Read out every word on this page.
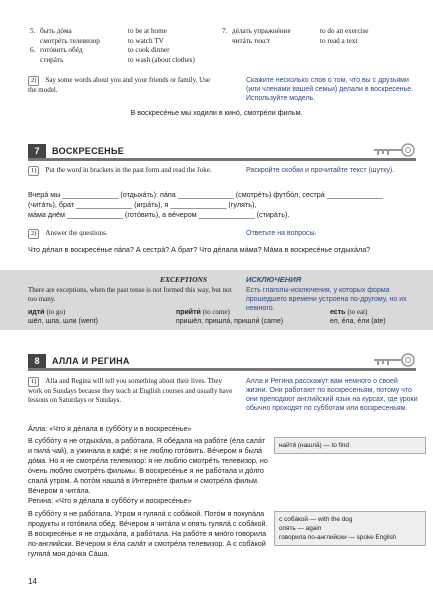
5. быть дóма	to be at home
смотрéть телевизор	to watch TV
6. готóвить обéд	to cook dinner
стирáть	to wash (about clothes)
7. дéлать упражнéние	to do an exercise
читáть текст	to read a text
2) Say some words about you and your friends or family. Use the model.
Скажите несколько слов о том, что вы с друзьями (или членами вашей семьи) делали в воскресенье. Используйте модель.
В воскресéнье мы ходили в кинó, смотрéли фильм.
7	ВОСКРЕСЕНЬЕ
1) Put the word in brackets in the past form and read the Joke.	Раскройте скобки и прочитайте текст (шутку).
Вчерá мы ______________ (отдыхáть): пáпа ______________ (смотрéть) футбóл, сестрá ______________
(читáть), брат ______________ (игрáть), я ______________ (гулять),
мáма днём ______________ (готóвить), а вéчером ______________ (стирáть).
2) Answer the questions.	Ответьте на вопросы.
Что дéлал в воскресéнье пáпа? А сестрá? А брат? Что дéлала мáма? Мáма в воскресéнье отдыхáла?
EXCEPTIONS	ИСКЛЮЧЕНИЯ
There are exceptions, when the past tense is not formed this way, but not too many.
Есть глаголы-исключения, у которых форма прошедшего времени устроена по-другому, но их немного.
идти́ (to go)
шёл, шла, шли (went)
прийти́ (to come)
пришёл, пришла́, пришли́ (came)
есть (to eat)
ел, éла, éли (ate)
8	АЛЛА И РЕГИНА
1) Alla and Regina will tell you something about their lives. They work on Sundays because they teach at English courses and usually have lessons on Saturdays or Sundays.
Алла и Регина расскажут вам немного о своей жизни. Они работают по воскресеньям, потому что они преподают английский язык на курсах, где уроки обычно проходят по субботам или воскресеньям.
Áлла: «Что я дéлала в суббóту и в воскресéнье»
В суббóту я не отдыхáла, а рабóтала. Я обéдала на рабóте (éла салáт и пилá чай), а ужинала в кафé: я не люблю готóвить. Вéчером я былá дóма. Но я не смотрéла телевизор: я не люблю смотрéть телевизор, но óчень люблю смотрéть фильмы. В воскресéнье я не рабóтала и дóлго спалá утром. А потóм нашлá в Интернéте фильм и смотрéла фильм. Вéчером я читáла.
найти́ (нашла́) — to find
Регина: «Что я дéлала в суббóту и воскресéнье»
В суббóту я не рабóтала. Утром я гулялá с собáкой. Потóм я покупáла продукты и готóвила обéд. Вéчером я читáла и опять гулялá с собáкой. В воскресéнье я не отдыхáла, а рабóтала. На рабóте я мнóго говорила по-английски. Вéчером я éла салáт и смотрéла телевизор. А с собáкой гулялá моя дóчка Сáша.
с собáкой — with the dog
опять — again
говорила по-английски — spoke English
14
